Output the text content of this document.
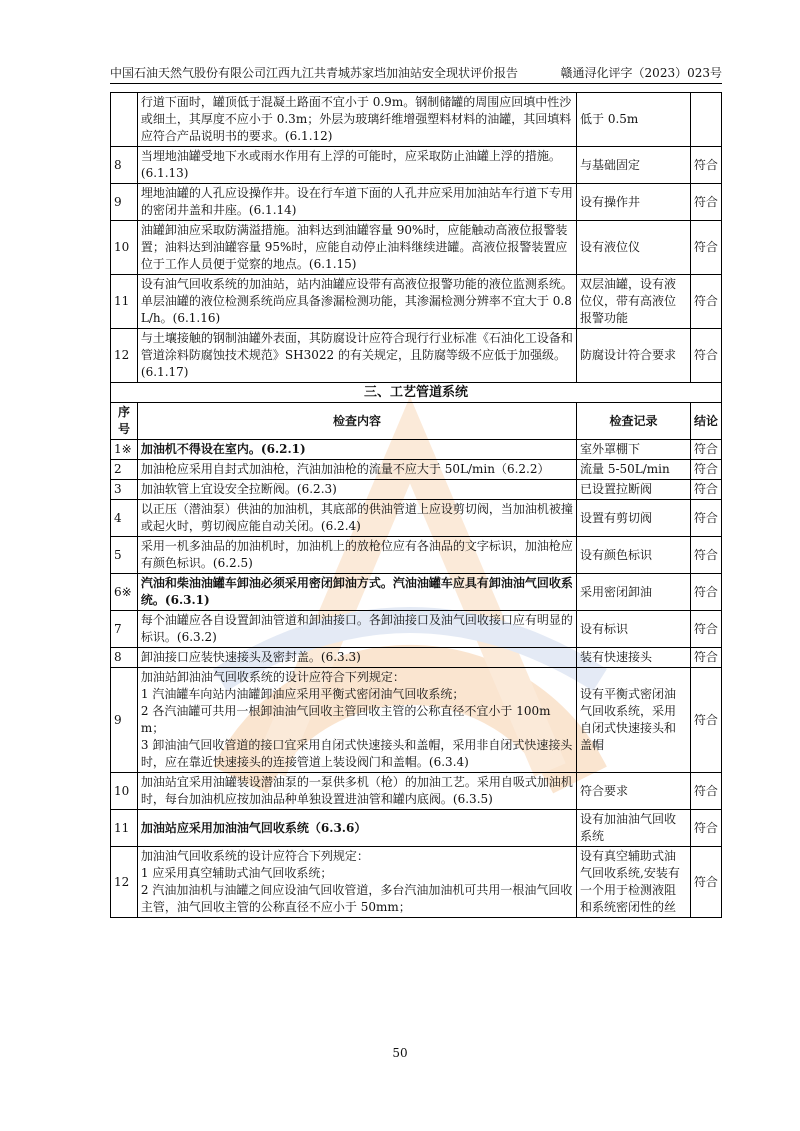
中国石油天然气股份有限公司江西九江共青城苏家垱加油站安全现状评价报告	赣通浔化评字（2023）023号
	行道下面时，罐顶低于混凝土路面不宜小于 0.9m。钢制储罐的周围应回填中性沙或细土，其厚度不应小于 0.3m；外层为玻璃纤维增强塑料材料的油罐，其回填料应符合产品说明书的要求。(6.1.12)	低于 0.5m	
8	当埋地油罐受地下水或雨水作用有上浮的可能时，应采取防止油罐上浮的措施。(6.1.13)	与基础固定	符合
9	埋地油罐的人孔应设操作井。设在行车道下面的人孔井应采用加油站车行道下专用的密闭井盖和井座。(6.1.14)	设有操作井	符合
10	油罐卸油应采取防满溢措施。油料达到油罐容量 90%时，应能触动高液位报警装置；油料达到油罐容量 95%时，应能自动停止油料继续进罐。高液位报警装置应位于工作人员便于觉察的地点。(6.1.15)	设有液位仪	符合
11	设有油气回收系统的加油站，站内油罐应设带有高液位报警功能的液位监测系统。单层油罐的液位检测系统尚应具备渗漏检测功能，其渗漏检测分辨率不宜大于 0.8L/h。(6.1.16)	双层油罐，设有液位仪，带有高液位报警功能	符合
12	与土壤接触的钢制油罐外表面，其防腐设计应符合现行行业标准《石油化工设备和管道涂料防腐蚀技术规范》SH3022 的有关规定，且防腐等级不应低于加强级。(6.1.17)	防腐设计符合要求	符合
三、工艺管道系统			
序号	检查内容	检查记录	结论
1※	加油机不得设在室内。(6.2.1)	室外罩棚下	符合
2	加油枪应采用自封式加油枪，汽油加油枪的流量不应大于 50L/min（6.2.2）	流量 5-50L/min	符合
3	加油软管上宜设安全拉断阀。(6.2.3)	已设置拉断阀	符合
4	以正压（潜油泵）供油的加油机，其底部的供油管道上应设剪切阀，当加油机被撞或起火时，剪切阀应能自动关闭。(6.2.4)	设置有剪切阀	符合
5	采用一机多油品的加油机时，加油机上的放枪位应有各油品的文字标识，加油枪应有颜色标识。(6.2.5)	设有颜色标识	符合
6※	汽油和柴油油罐车卸油必须采用密闭卸油方式。汽油油罐车应具有卸油油气回收系统。(6.3.1)	采用密闭卸油	符合
7	每个油罐应各自设置卸油管道和卸油接口。各卸油接口及油气回收接口应有明显的标识。(6.3.2)	设有标识	符合
8	卸油接口应装快速接头及密封盖。(6.3.3)	装有快速接头	符合
9	加油站卸油油气回收系统的设计应符合下列规定：
1 汽油罐车向站内油罐卸油应采用平衡式密闭油气回收系统；
2 各汽油罐可共用一根卸油油气回收主管回收主管的公称直径不宜小于 100mm；
3 卸油油气回收管道的接口宜采用自闭式快速接头和盖帽，采用非自闭式快速接头时，应在靠近快速接头的连接管道上装设阀门和盖帽。(6.3.4)	设有平衡式密闭油气回收系统，采用自闭式快速接头和盖帽	符合
10	加油站宜采用油罐装设潜油泵的一泵供多机（枪）的加油工艺。采用自吸式加油机时，每台加油机应按加油品种单独设置进油管和罐内底阀。(6.3.5)	符合要求	符合
11	加油站应采用加油油气回收系统（6.3.6）	设有加油油气回收系统	符合
12	加油油气回收系统的设计应符合下列规定：
1 应采用真空辅助式油气回收系统；
2 汽油加油机与油罐之间应设油气回收管道，多台汽油加油机可共用一根油气回收主管，油气回收主管的公称直径不应小于 50mm；	设有真空辅助式油气回收系统,安装有一个用于检测液阻和系统密闭性的丝	符合
50
